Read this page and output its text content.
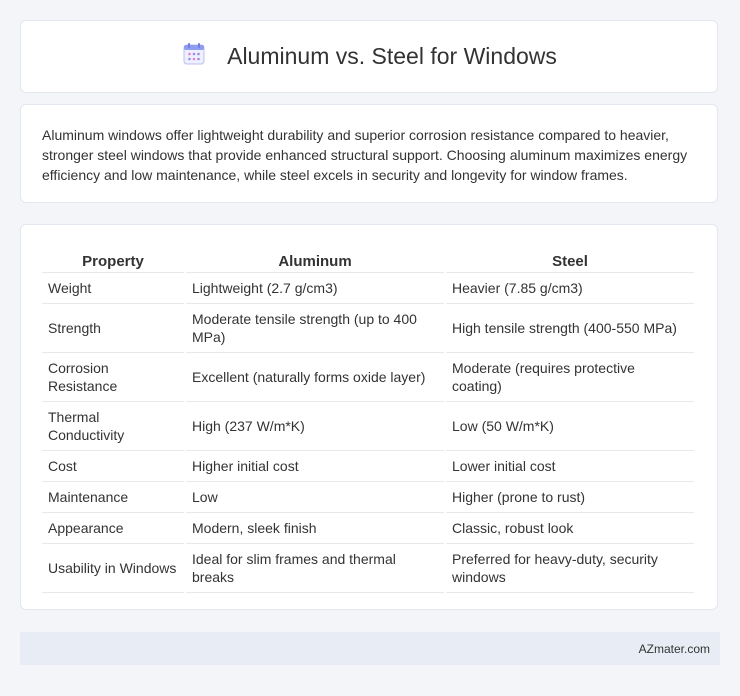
Aluminum vs. Steel for Windows

Aluminum windows offer lightweight durability and superior corrosion resistance compared to heavier, stronger steel windows that provide enhanced structural support. Choosing aluminum maximizes energy efficiency and low maintenance, while steel excels in security and longevity for window frames.

Property	Aluminum	Steel
Weight	Lightweight (2.7 g/cm3)	Heavier (7.85 g/cm3)
Strength	Moderate tensile strength (up to 400 MPa)	High tensile strength (400-550 MPa)
Corrosion Resistance	Excellent (naturally forms oxide layer)	Moderate (requires protective coating)
Thermal Conductivity	High (237 W/m*K)	Low (50 W/m*K)
Cost	Higher initial cost	Lower initial cost
Maintenance	Low	Higher (prone to rust)
Appearance	Modern, sleek finish	Classic, robust look
Usability in Windows	Ideal for slim frames and thermal breaks	Preferred for heavy-duty, security windows
AZmater.com
